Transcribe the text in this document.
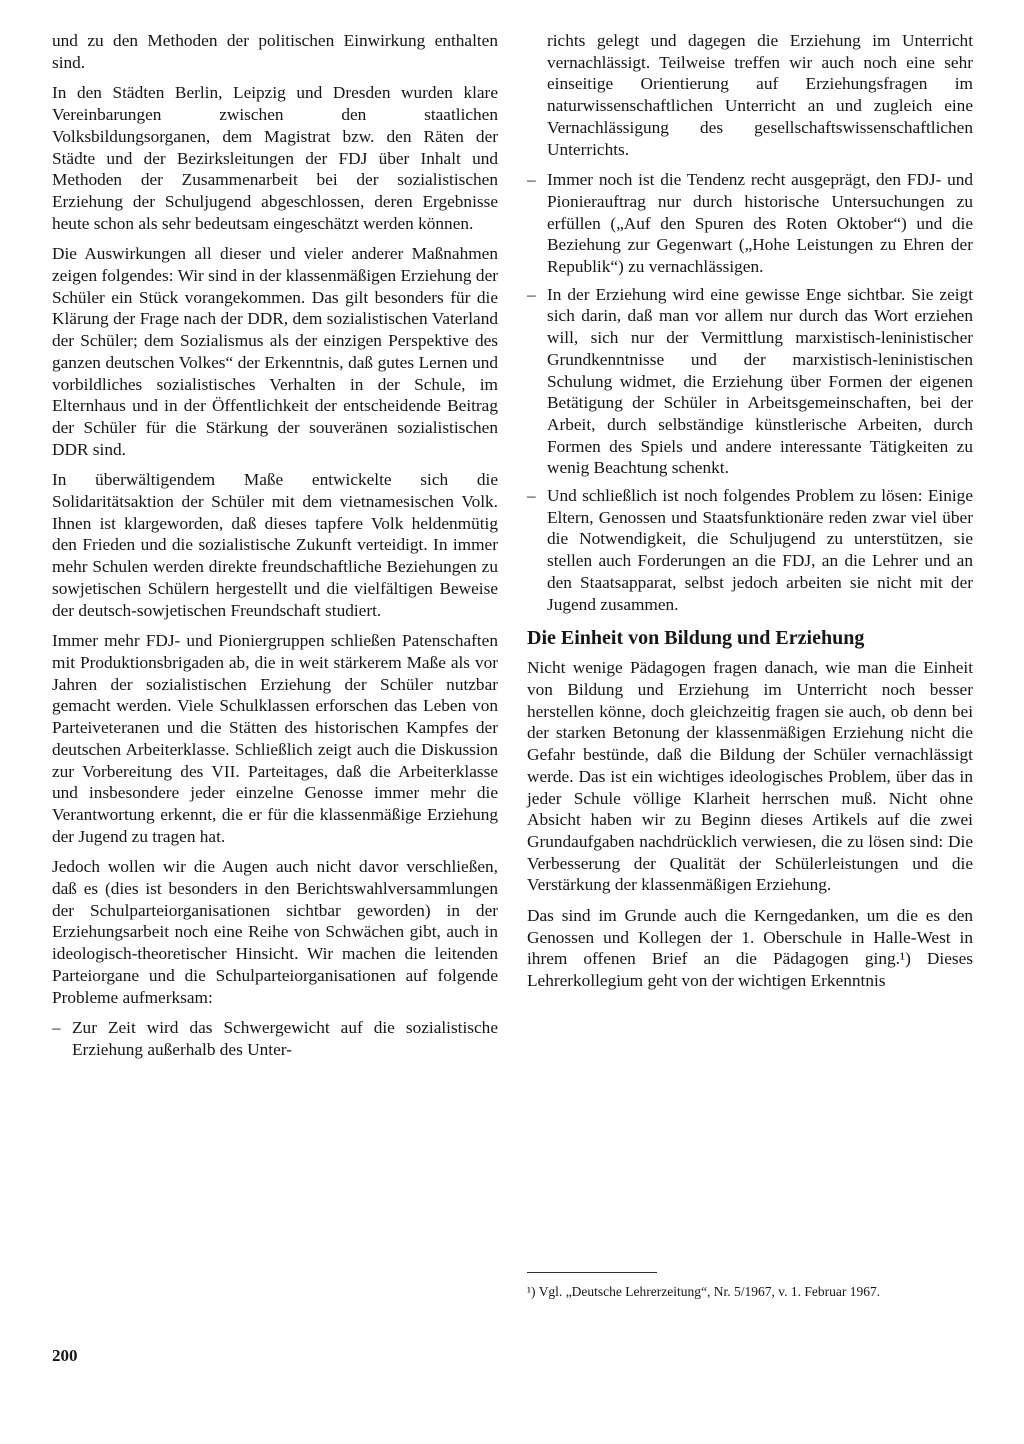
und zu den Methoden der politischen Einwirkung enthalten sind.

In den Städten Berlin, Leipzig und Dresden wurden klare Vereinbarungen zwischen den staatlichen Volksbildungsorganen, dem Magistrat bzw. den Räten der Städte und der Bezirksleitungen der FDJ über Inhalt und Methoden der Zusammenarbeit bei der sozialistischen Erziehung der Schuljugend abgeschlossen, deren Ergebnisse heute schon als sehr bedeutsam eingeschätzt werden können.

Die Auswirkungen all dieser und vieler anderer Maßnahmen zeigen folgendes: Wir sind in der klassenmäßigen Erziehung der Schüler ein Stück vorangekommen. Das gilt besonders für die Klärung der Frage nach der DDR, dem sozialistischen Vaterland der Schüler; dem Sozialismus als der einzigen Perspektive des ganzen deutschen Volkes“ der Erkenntnis, daß gutes Lernen und vorbildliches sozialistisches Verhalten in der Schule, im Elternhaus und in der Öffentlichkeit der entscheidende Beitrag der Schüler für die Stärkung der souveränen sozialistischen DDR sind.

In überwältigendem Maße entwickelte sich die Solidaritätsaktion der Schüler mit dem vietnamesischen Volk. Ihnen ist klargeworden, daß dieses tapfere Volk heldenmütig den Frieden und die sozialistische Zukunft verteidigt. In immer mehr Schulen werden direkte freundschaftliche Beziehungen zu sowjetischen Schülern hergestellt und die vielfältigen Beweise der deutsch-sowjetischen Freundschaft studiert.

Immer mehr FDJ- und Pioniergruppen schließen Patenschaften mit Produktionsbrigaden ab, die in weit stärkerem Maße als vor Jahren der sozialistischen Erziehung der Schüler nutzbar gemacht werden. Viele Schulklassen erforschen das Leben von Parteiveteranen und die Stätten des historischen Kampfes der deutschen Arbeiterklasse. Schließlich zeigt auch die Diskussion zur Vorbereitung des VII. Parteitages, daß die Arbeiterklasse und insbesondere jeder einzelne Genosse immer mehr die Verantwortung erkennt, die er für die klassenmäßige Erziehung der Jugend zu tragen hat.

Jedoch wollen wir die Augen auch nicht davor verschließen, daß es (dies ist besonders in den Berichtswahlversammlungen der Schulparteiorganisationen sichtbar geworden) in der Erziehungsarbeit noch eine Reihe von Schwächen gibt, auch in ideologisch-theoretischer Hinsicht. Wir machen die leitenden Parteiorgane und die Schulparteiorganisationen auf folgende Probleme aufmerksam:

– Zur Zeit wird das Schwergewicht auf die sozialistische Erziehung außerhalb des Unter-

richts gelegt und dagegen die Erziehung im Unterricht vernachlässigt. Teilweise treffen wir auch noch eine sehr einseitige Orientierung auf Erziehungsfragen im naturwissenschaftlichen Unterricht an und zugleich eine Vernachlässigung des gesellschaftswissenschaftlichen Unterrichts.

– Immer noch ist die Tendenz recht ausgeprägt, den FDJ- und Pionierauftrag nur durch historische Untersuchungen zu erfüllen („Auf den Spuren des Roten Oktober“) und die Beziehung zur Gegenwart („Hohe Leistungen zu Ehren der Republik“) zu vernachlässigen.
– In der Erziehung wird eine gewisse Enge sichtbar. Sie zeigt sich darin, daß man vor allem nur durch das Wort erziehen will, sich nur der Vermittlung marxistisch-leninistischer Grundkenntnisse und der marxistisch-leninistischen Schulung widmet, die Erziehung über Formen der eigenen Betätigung der Schüler in Arbeitsgemeinschaften, bei der Arbeit, durch selbständige künstlerische Arbeiten, durch Formen des Spiels und andere interessante Tätigkeiten zu wenig Beachtung schenkt.
– Und schließlich ist noch folgendes Problem zu lösen: Einige Eltern, Genossen und Staatsfunktionäre reden zwar viel über die Notwendigkeit, die Schuljugend zu unterstützen, sie stellen auch Forderungen an die FDJ, an die Lehrer und an den Staatsapparat, selbst jedoch arbeiten sie nicht mit der Jugend zusammen.
Die Einheit von Bildung und Erziehung

Nicht wenige Pädagogen fragen danach, wie man die Einheit von Bildung und Erziehung im Unterricht noch besser herstellen könne, doch gleichzeitig fragen sie auch, ob denn bei der starken Betonung der klassenmäßigen Erziehung nicht die Gefahr bestünde, daß die Bildung der Schüler vernachlässigt werde. Das ist ein wichtiges ideologisches Problem, über das in jeder Schule völlige Klarheit herrschen muß. Nicht ohne Absicht haben wir zu Beginn dieses Artikels auf die zwei Grundaufgaben nachdrücklich verwiesen, die zu lösen sind: Die Verbesserung der Qualität der Schülerleistungen und die Verstärkung der klassenmäßigen Erziehung.

Das sind im Grunde auch die Kerngedanken, um die es den Genossen und Kollegen der 1. Oberschule in Halle-West in ihrem offenen Brief an die Pädagogen ging.¹) Dieses Lehrerkollegium geht von der wichtigen Erkenntnis

¹) Vgl. „Deutsche Lehrerzeitung“, Nr. 5/1967, v. 1. Februar 1967.
200
